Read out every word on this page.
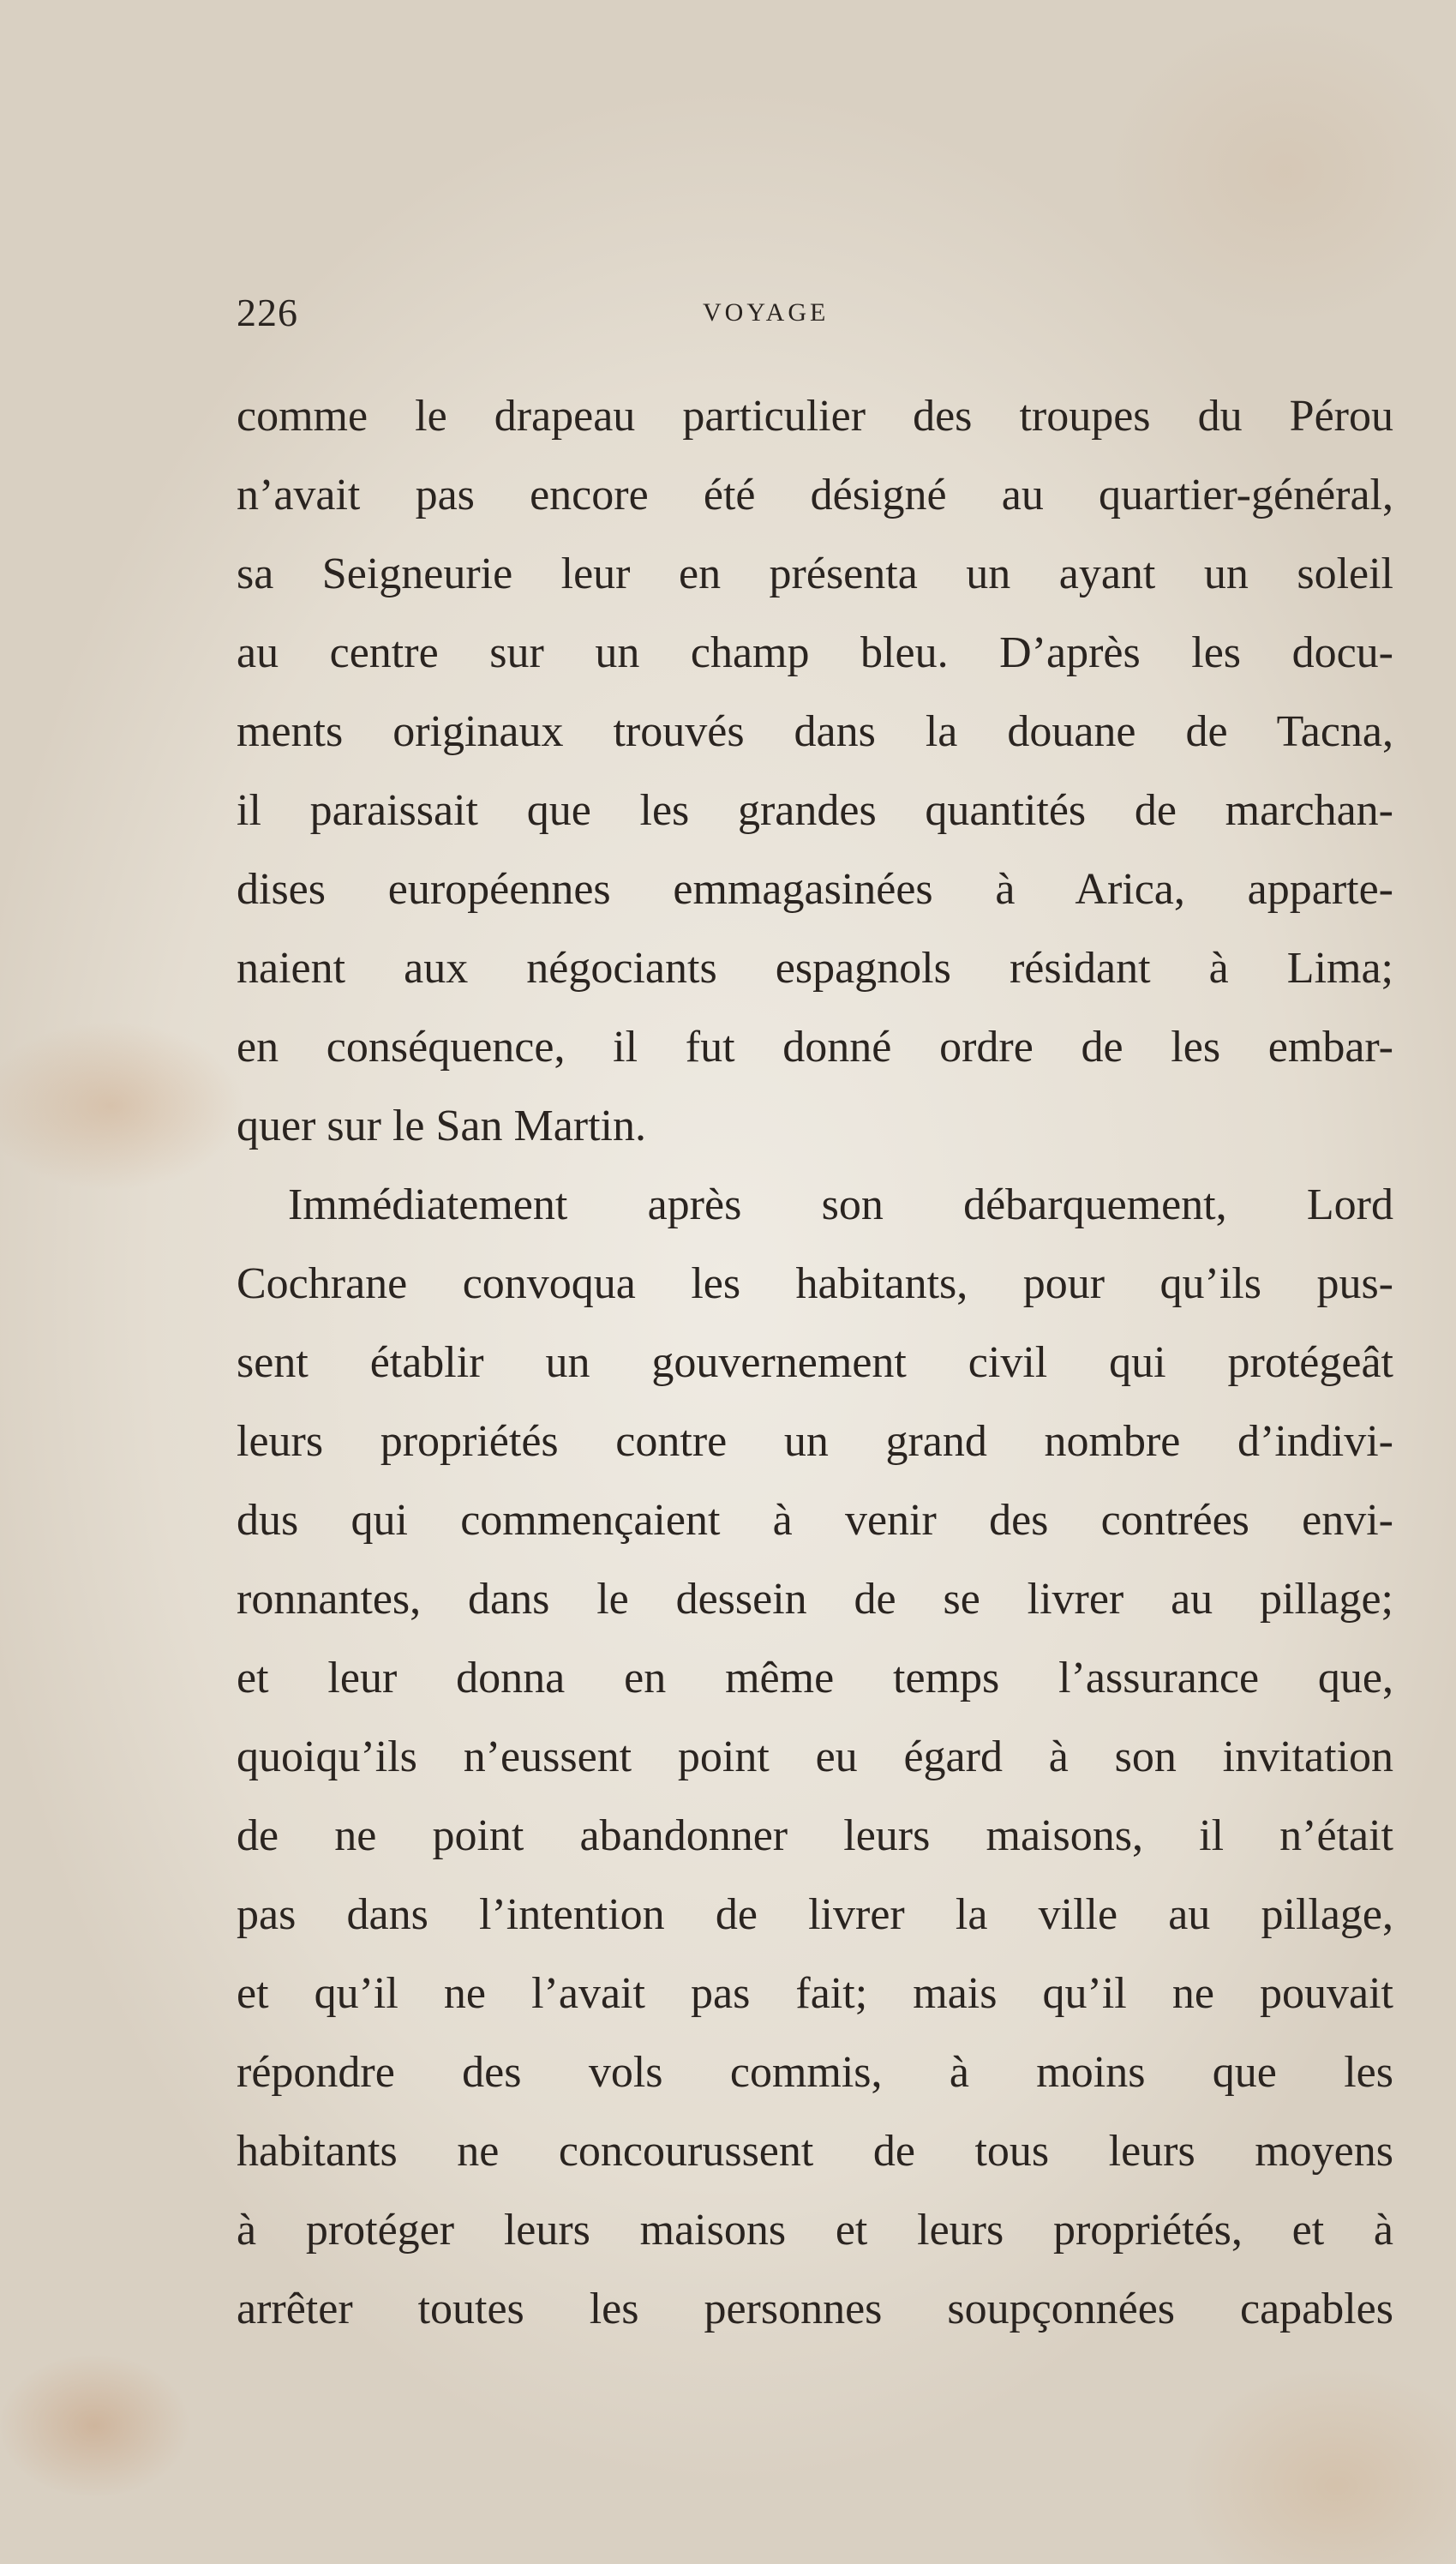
226	VOYAGE
comme le drapeau particulier des troupes du Pérou
n’avait pas encore été désigné au quartier-général,
sa Seigneurie leur en présenta un ayant un soleil
au centre sur un champ bleu. D’après les docu-
ments originaux trouvés dans la douane de Tacna,
il paraissait que les grandes quantités de marchan-
dises européennes emmagasinées à Arica, apparte-
naient aux négociants espagnols résidant à Lima;
en conséquence, il fut donné ordre de les embar-
quer sur le San Martin.
Immédiatement après son débarquement, Lord
Cochrane convoqua les habitants, pour qu’ils pus-
sent établir un gouvernement civil qui protégeât
leurs propriétés contre un grand nombre d’indivi-
dus qui commençaient à venir des contrées envi-
ronnantes, dans le dessein de se livrer au pillage;
et leur donna en même temps l’assurance que,
quoiqu’ils n’eussent point eu égard à son invitation
de ne point abandonner leurs maisons, il n’était
pas dans l’intention de livrer la ville au pillage,
et qu’il ne l’avait pas fait; mais qu’il ne pouvait
répondre des vols commis, à moins que les
habitants ne concourussent de tous leurs moyens
à protéger leurs maisons et leurs propriétés, et à
arrêter toutes les personnes soupçonnées capables
